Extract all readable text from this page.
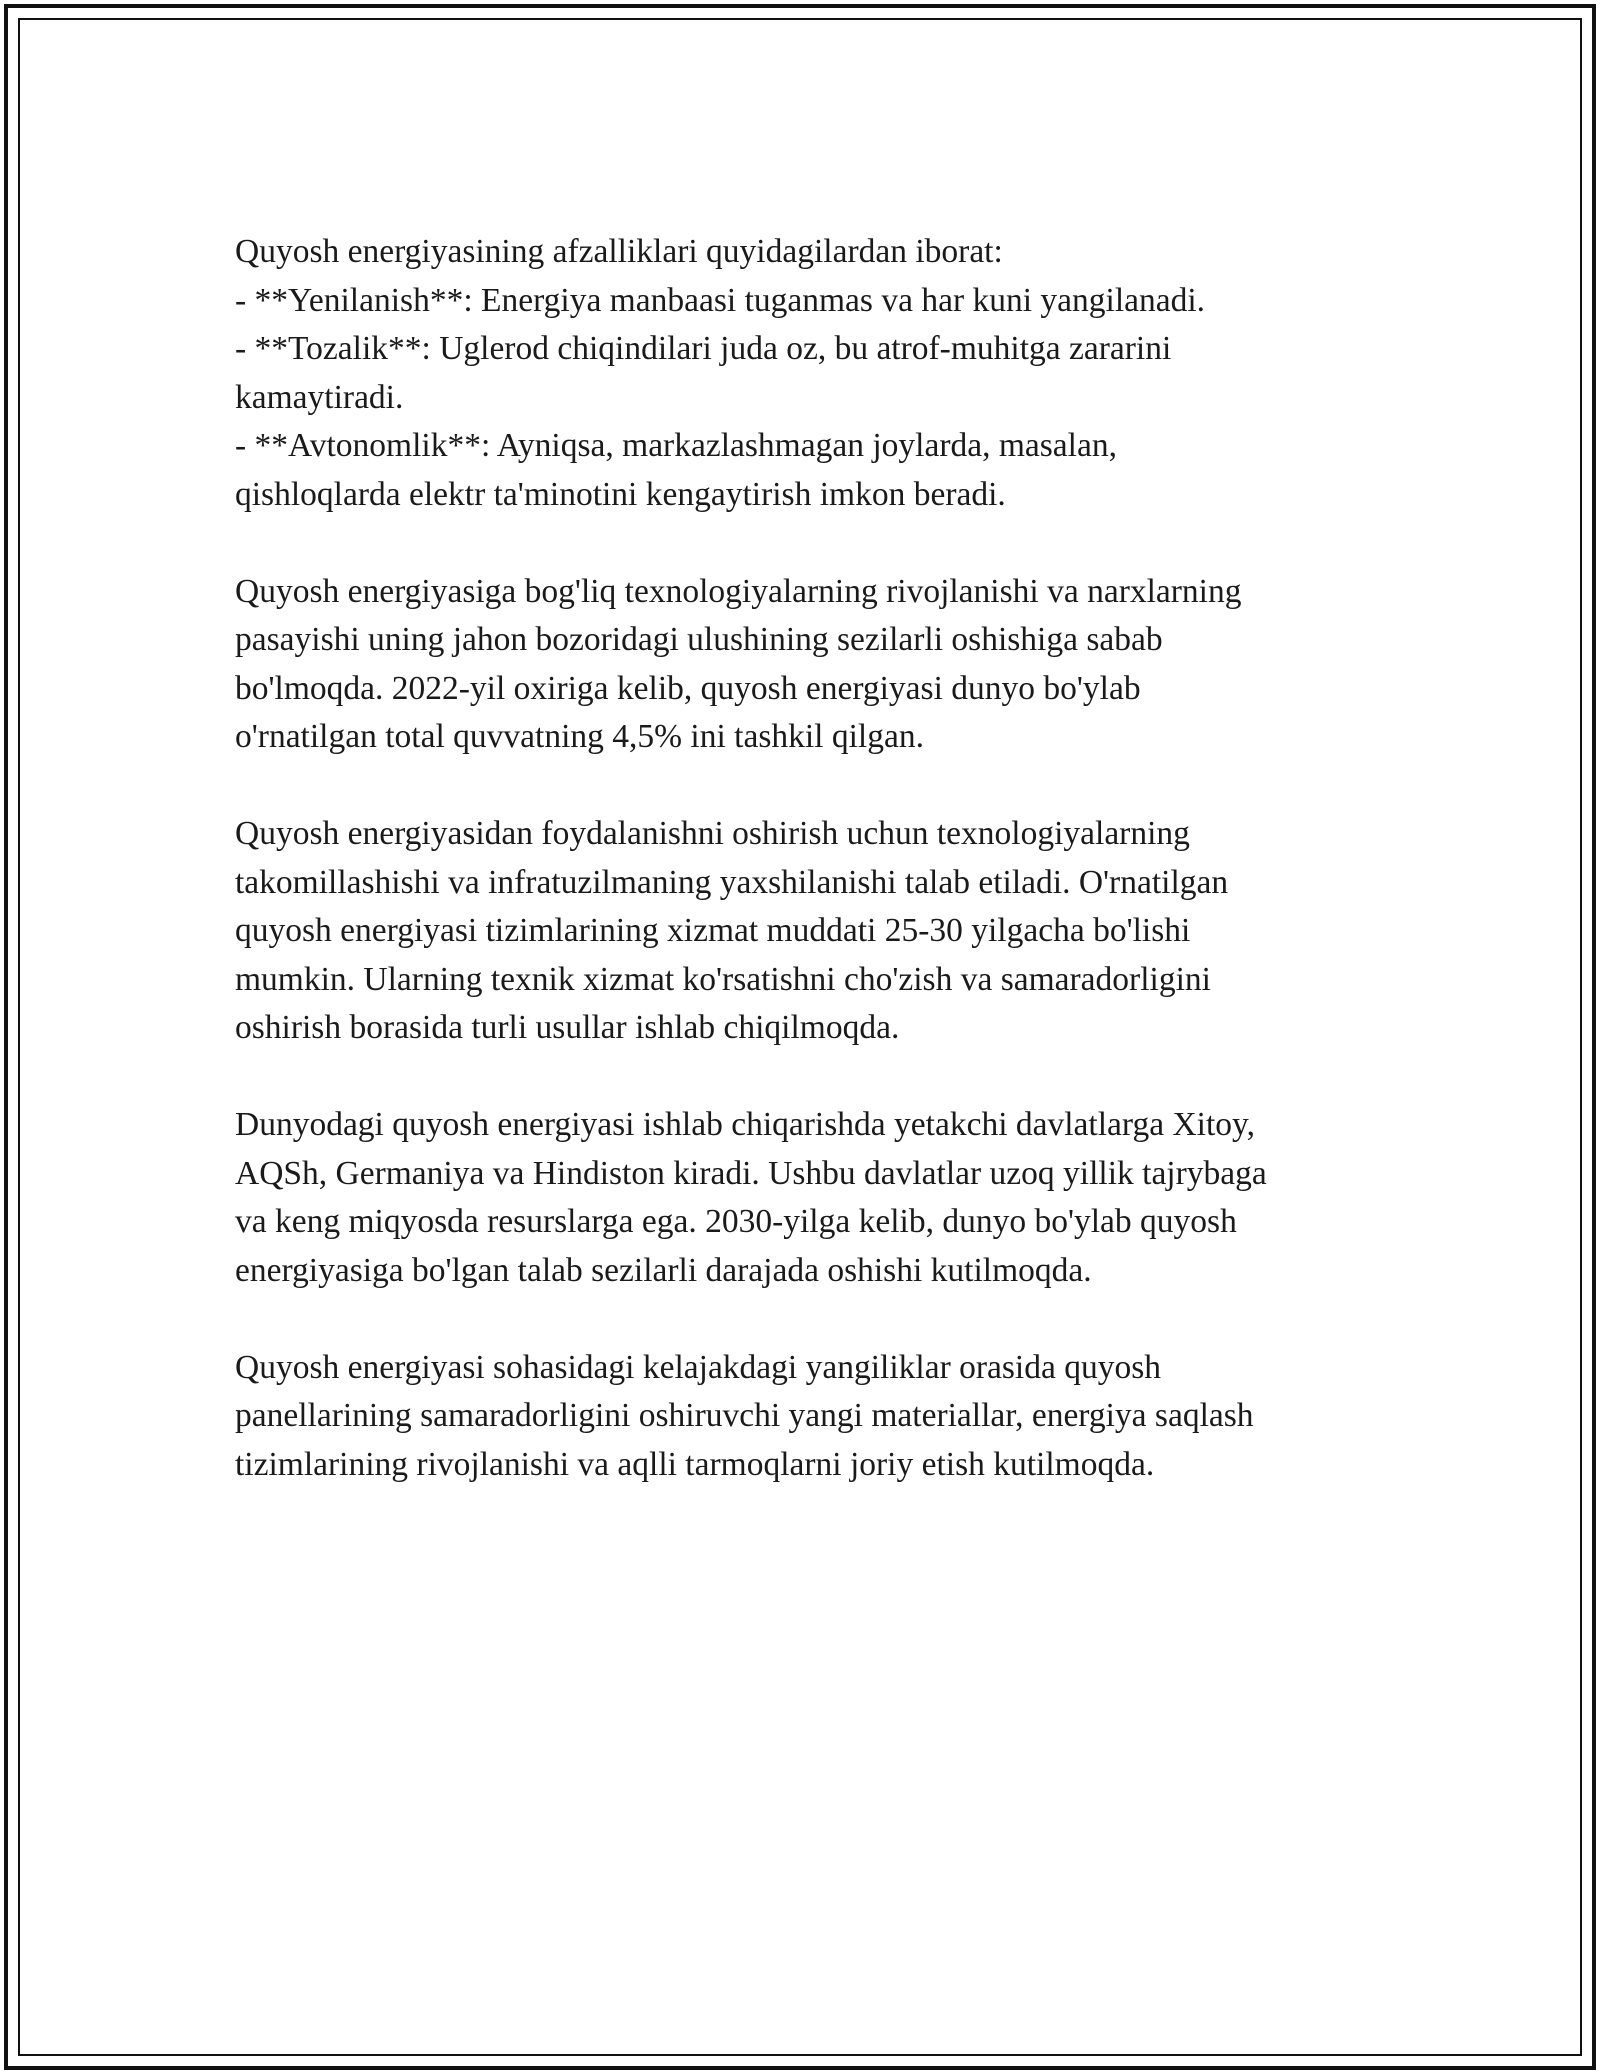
Quyosh energiyasining afzalliklari quyidagilardan iborat:
- **Yenilanish**: Energiya manbaasi tuganmas va har kuni yangilanadi.
- **Tozalik**: Uglerod chiqindilari juda oz, bu atrof-muhitga zararini
kamaytiradi.
- **Avtonomlik**: Ayniqsa, markazlashmagan joylarda, masalan,
qishloqlarda elektr ta'minotini kengaytirish imkon beradi.
Quyosh energiyasiga bog'liq texnologiyalarning rivojlanishi va narxlarning
pasayishi uning jahon bozoridagi ulushining sezilarli oshishiga sabab
bo'lmoqda. 2022-yil oxiriga kelib, quyosh energiyasi dunyo bo'ylab
o'rnatilgan total quvvatning 4,5% ini tashkil qilgan.
Quyosh energiyasidan foydalanishni oshirish uchun texnologiyalarning
takomillashishi va infratuzilmaning yaxshilanishi talab etiladi. O'rnatilgan
quyosh energiyasi tizimlarining xizmat muddati 25-30 yilgacha bo'lishi
mumkin. Ularning texnik xizmat ko'rsatishni cho'zish va samaradorligini
oshirish borasida turli usullar ishlab chiqilmoqda.
Dunyodagi quyosh energiyasi ishlab chiqarishda yetakchi davlatlarga Xitoy,
AQSh, Germaniya va Hindiston kiradi. Ushbu davlatlar uzoq yillik tajrybaga
va keng miqyosda resurslarga ega. 2030-yilga kelib, dunyo bo'ylab quyosh
energiyasiga bo'lgan talab sezilarli darajada oshishi kutilmoqda.
Quyosh energiyasi sohasidagi kelajakdagi yangiliklar orasida quyosh
panellarining samaradorligini oshiruvchi yangi materiallar, energiya saqlash
tizimlarining rivojlanishi va aqlli tarmoqlarni joriy etish kutilmoqda.
